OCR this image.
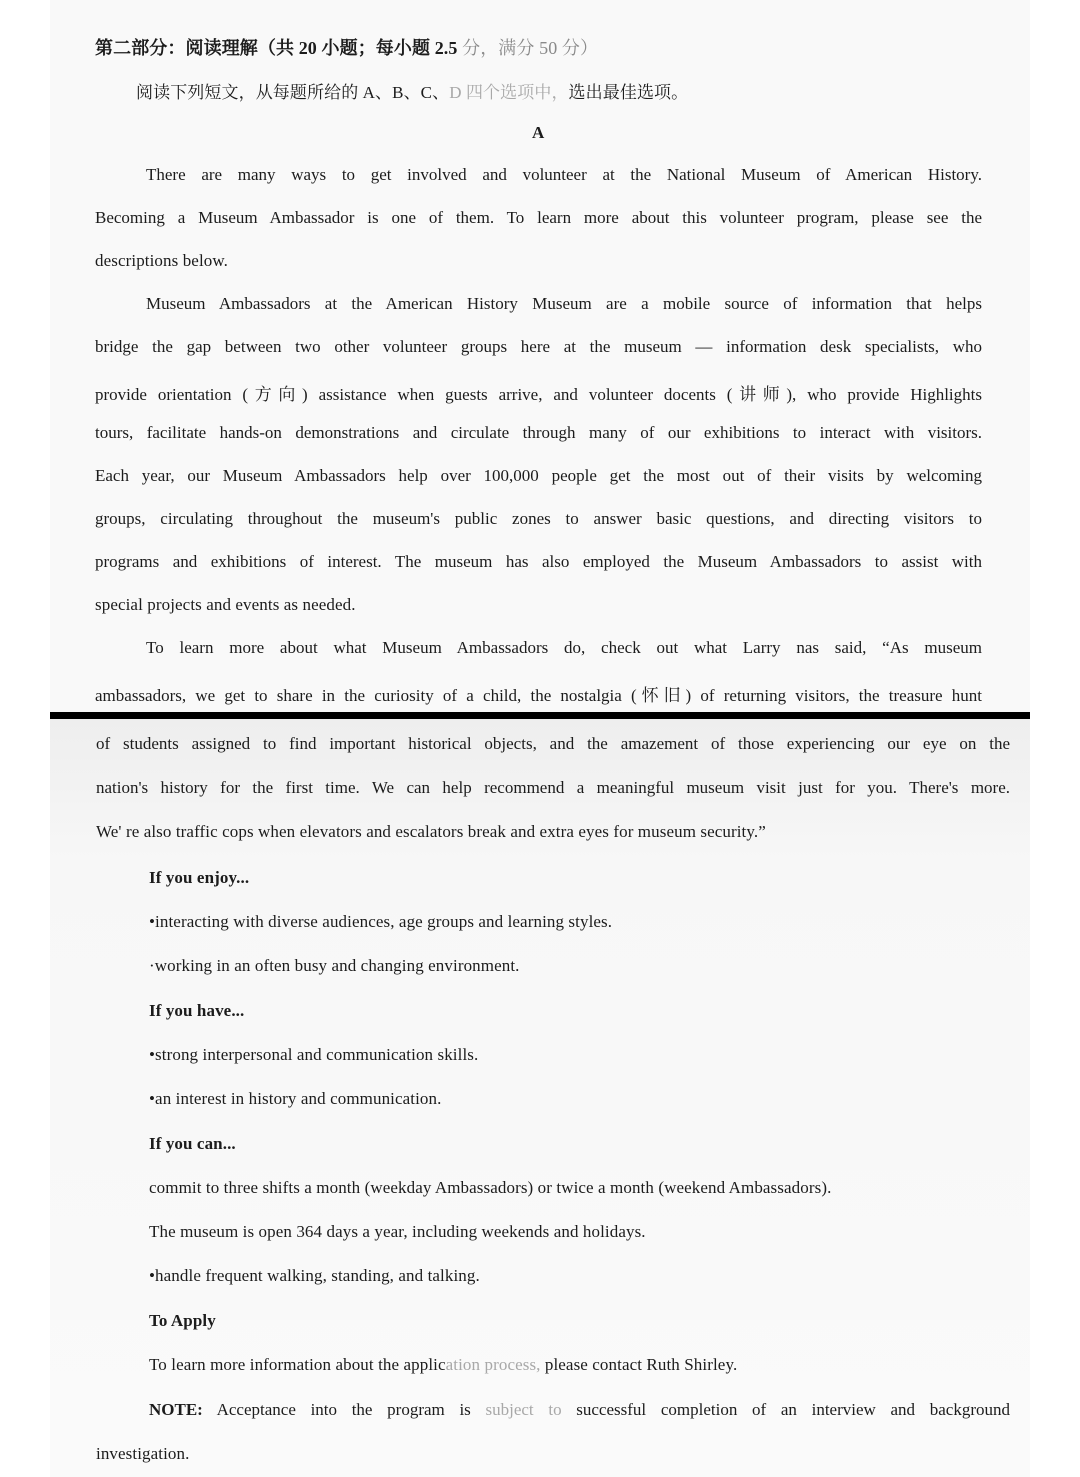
第二部分：阅读理解（共 20 小题；每小题 2.5 分，满分 50 分）
阅读下列短文，从每题所给的 A、B、C、D 四个选项中，选出最佳选项。
A
There are many ways to get involved and volunteer at the National Museum of American History.
Becoming a Museum Ambassador is one of them. To learn more about this volunteer program, please see the
descriptions below.
Museum Ambassadors at the American History Museum are a mobile source of information that helps
bridge the gap between two other volunteer groups here at the museum — information desk specialists, who
provide orientation (方向) assistance when guests arrive, and volunteer docents (讲师), who provide Highlights
tours, facilitate hands-on demonstrations and circulate through many of our exhibitions to interact with visitors.
Each year, our Museum Ambassadors help over 100,000 people get the most out of their visits by welcoming
groups, circulating throughout the museum's public zones to answer basic questions, and directing visitors to
programs and exhibitions of interest. The museum has also employed the Museum Ambassadors to assist with
special projects and events as needed.
To learn more about what Museum Ambassadors do, check out what Larry nas said, “As museum
ambassadors, we get to share in the curiosity of a child, the nostalgia (怀旧) of returning visitors, the treasure hunt
of students assigned to find important historical objects, and the amazement of those experiencing our eye on the
nation's history for the first time. We can help recommend a meaningful museum visit just for you. There's more.
We' re also traffic cops when elevators and escalators break and extra eyes for museum security.”
If you enjoy...
•interacting with diverse audiences, age groups and learning styles.
·working in an often busy and changing environment.
If you have...
•strong interpersonal and communication skills.
•an interest in history and communication.
If you can...
commit to three shifts a month (weekday Ambassadors) or twice a month (weekend Ambassadors).
The museum is open 364 days a year, including weekends and holidays.
•handle frequent walking, standing, and talking.
To Apply
To learn more information about the application process, please contact Ruth Shirley.
NOTE: Acceptance into the program is subject to successful completion of an interview and background
investigation.
